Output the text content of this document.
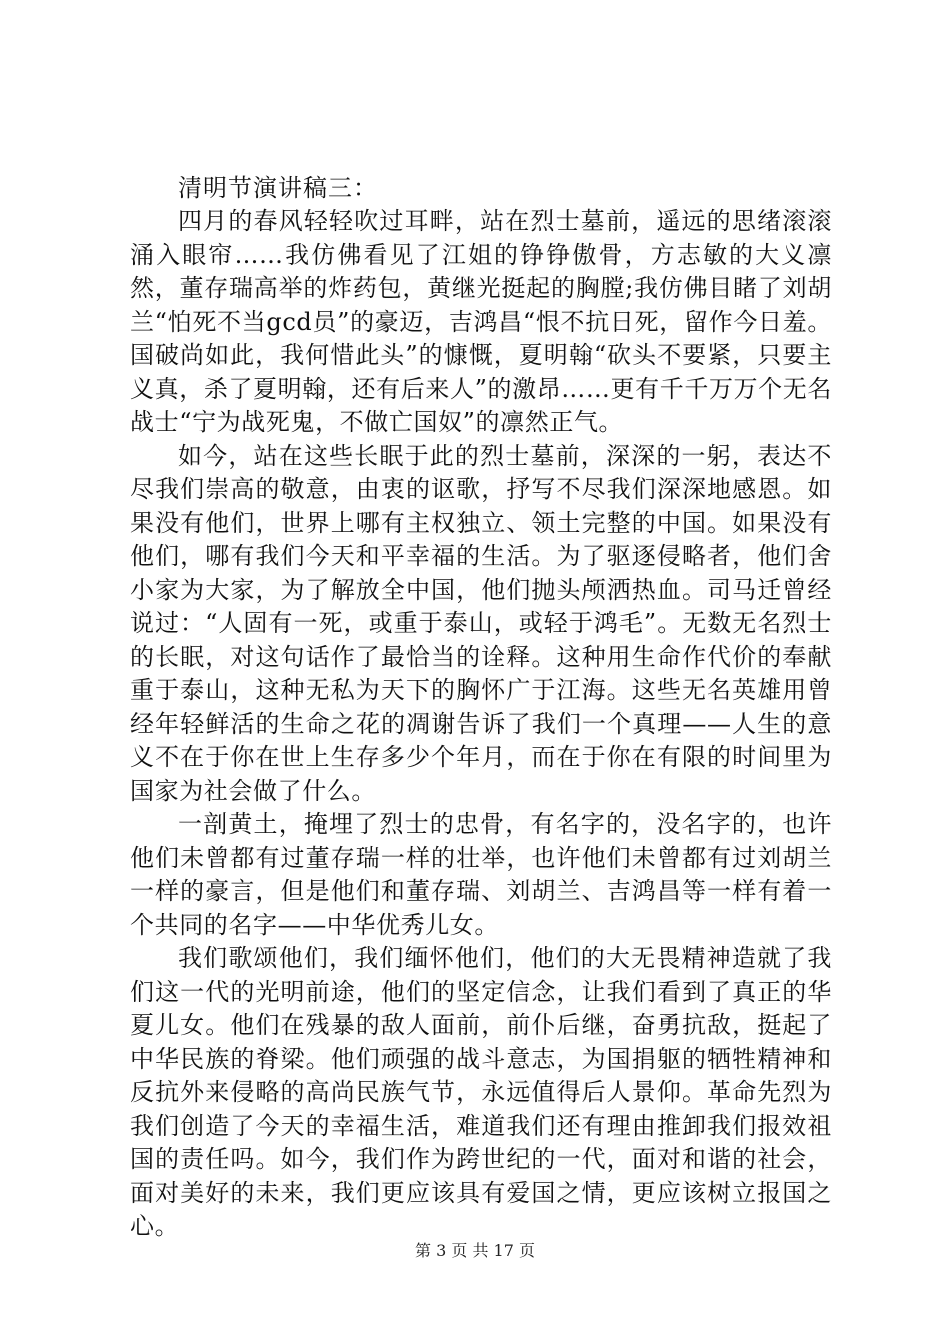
清明节演讲稿三：

四月的春风轻轻吹过耳畔，站在烈士墓前，遥远的思绪滚滚涌入眼帘……我仿佛看见了江姐的铮铮傲骨，方志敏的大义凛然，董存瑞高举的炸药包，黄继光挺起的胸膛;我仿佛目睹了刘胡兰“怕死不当gcd员”的豪迈，吉鸿昌“恨不抗日死，留作今日羞。国破尚如此，我何惜此头”的慷慨，夏明翰“砍头不要紧，只要主义真，杀了夏明翰，还有后来人”的激昂……更有千千万万个无名战士“宁为战死鬼，不做亡国奴”的凛然正气。

如今，站在这些长眠于此的烈士墓前，深深的一躬，表达不尽我们崇高的敬意，由衷的讴歌，抒写不尽我们深深地感恩。如果没有他们，世界上哪有主权独立、领土完整的中国。如果没有他们，哪有我们今天和平幸福的生活。为了驱逐侵略者，他们舍小家为大家，为了解放全中国，他们抛头颅洒热血。司马迁曾经说过：“人固有一死，或重于泰山，或轻于鸿毛”。无数无名烈士的长眠，对这句话作了最恰当的诠释。这种用生命作代价的奉献重于泰山，这种无私为天下的胸怀广于江海。这些无名英雄用曾经年轻鲜活的生命之花的凋谢告诉了我们一个真理——人生的意义不在于你在世上生存多少个年月，而在于你在有限的时间里为国家为社会做了什么。

一剖黄土，掩埋了烈士的忠骨，有名字的，没名字的，也许他们未曾都有过董存瑞一样的壮举，也许他们未曾都有过刘胡兰一样的豪言，但是他们和董存瑞、刘胡兰、吉鸿昌等一样有着一个共同的名字——中华优秀儿女。

我们歌颂他们，我们缅怀他们，他们的大无畏精神造就了我们这一代的光明前途，他们的坚定信念，让我们看到了真正的华夏儿女。他们在残暴的敌人面前，前仆后继，奋勇抗敌，挺起了中华民族的脊梁。他们顽强的战斗意志，为国捐躯的牺牲精神和反抗外来侵略的高尚民族气节，永远值得后人景仰。革命先烈为我们创造了今天的幸福生活，难道我们还有理由推卸我们报效祖国的责任吗。如今，我们作为跨世纪的一代，面对和谐的社会，面对美好的未来，我们更应该具有爱国之情，更应该树立报国之心。

第 3 页 共 17 页
